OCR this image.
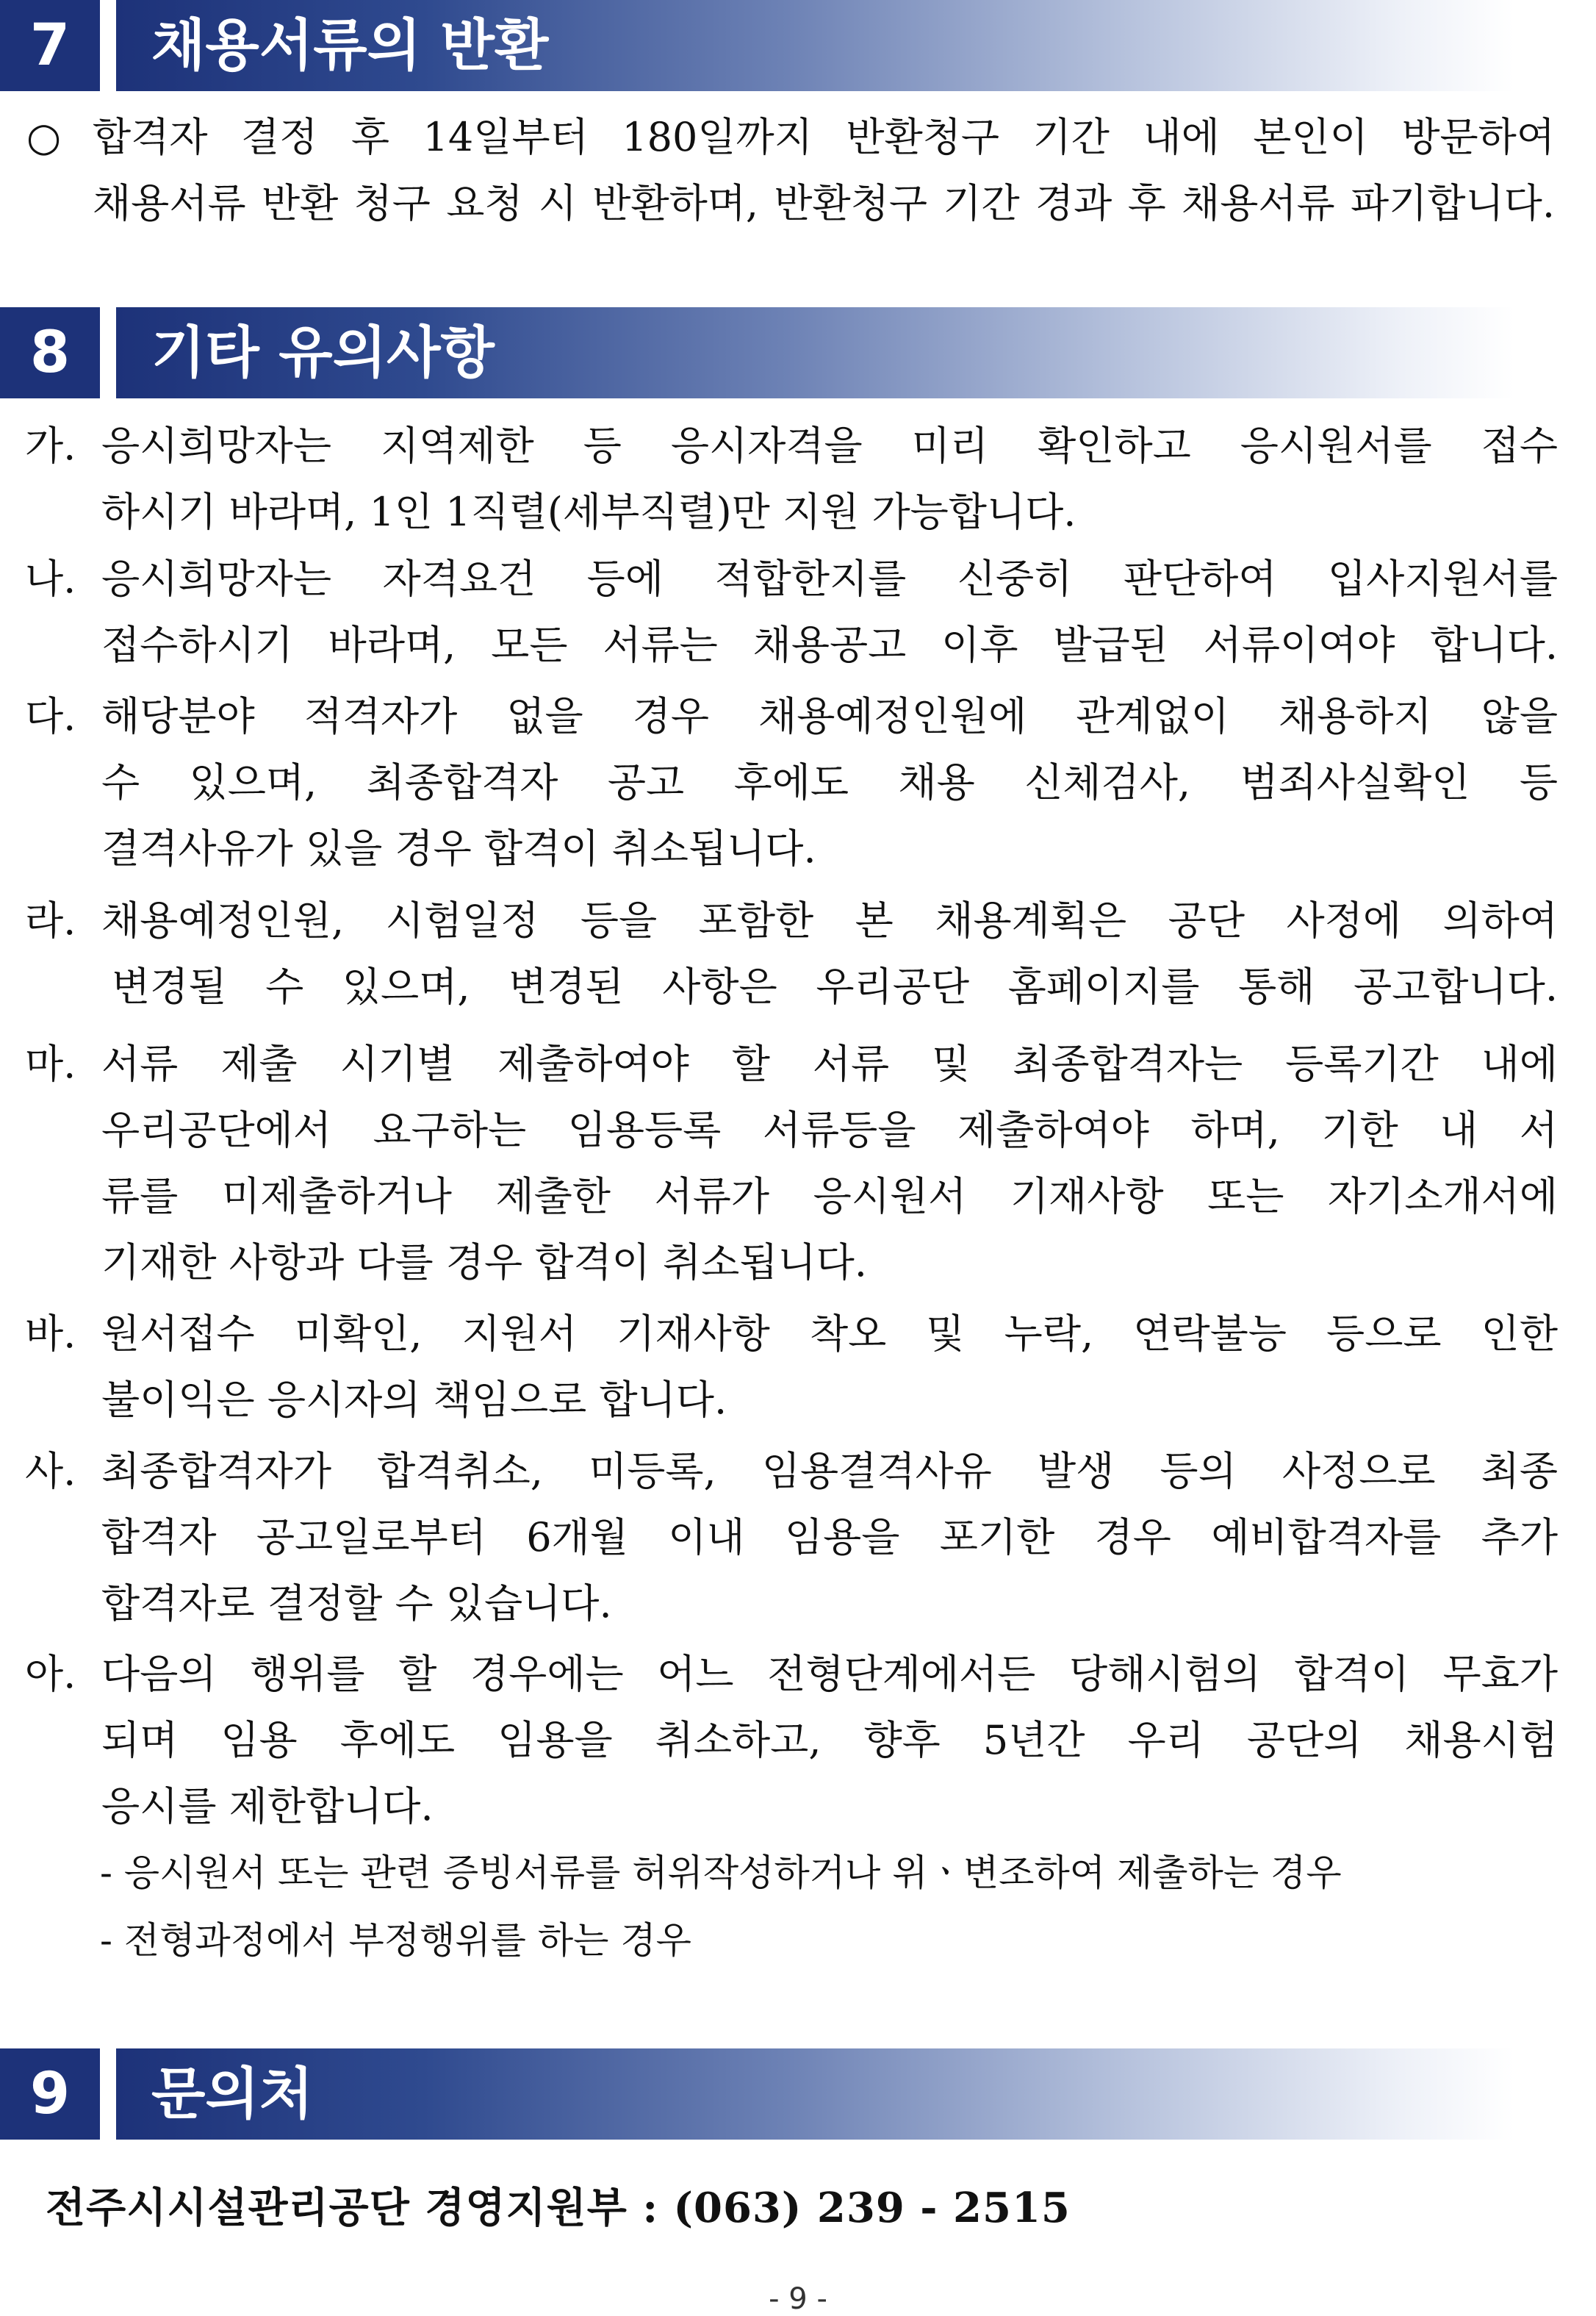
7	채용서류의 반환
○ 합격자 결정 후 14일부터 180일까지 반환청구 기간 내에 본인이 방문하여
채용서류 반환 청구 요청 시 반환하며, 반환청구 기간 경과 후 채용서류 파기합니다.
8	기타 유의사항
가. 응시희망자는 지역제한 등 응시자격을 미리 확인하고 응시원서를 접수
하시기 바라며, 1인 1직렬(세부직렬)만 지원 가능합니다.
나. 응시희망자는 자격요건 등에 적합한지를 신중히 판단하여 입사지원서를
접수하시기 바라며, 모든 서류는 채용공고 이후 발급된 서류이여야 합니다.
다. 해당분야 적격자가 없을 경우 채용예정인원에 관계없이 채용하지 않을
수 있으며, 최종합격자 공고 후에도 채용 신체검사, 범죄사실확인 등
결격사유가 있을 경우 합격이 취소됩니다.
라. 채용예정인원, 시험일정 등을 포함한 본 채용계획은 공단 사정에 의하여
변경될 수 있으며, 변경된 사항은 우리공단 홈페이지를 통해 공고합니다.
마. 서류 제출 시기별 제출하여야 할 서류 및 최종합격자는 등록기간 내에
우리공단에서 요구하는 임용등록 서류등을 제출하여야 하며, 기한 내 서
류를 미제출하거나 제출한 서류가 응시원서 기재사항 또는 자기소개서에
기재한 사항과 다를 경우 합격이 취소됩니다.
바. 원서접수 미확인, 지원서 기재사항 착오 및 누락, 연락불능 등으로 인한
불이익은 응시자의 책임으로 합니다.
사. 최종합격자가 합격취소, 미등록, 임용결격사유 발생 등의 사정으로 최종
합격자 공고일로부터 6개월 이내 임용을 포기한 경우 예비합격자를 추가
합격자로 결정할 수 있습니다.
아. 다음의 행위를 할 경우에는 어느 전형단계에서든 당해시험의 합격이 무효가
되며 임용 후에도 임용을 취소하고, 향후 5년간 우리 공단의 채용시험
응시를 제한합니다.
- 응시원서 또는 관련 증빙서류를 허위작성하거나 위ㆍ변조하여 제출하는 경우
- 전형과정에서 부정행위를 하는 경우
9	문의처
전주시시설관리공단 경영지원부 : (063) 239 - 2515
- 9 -
